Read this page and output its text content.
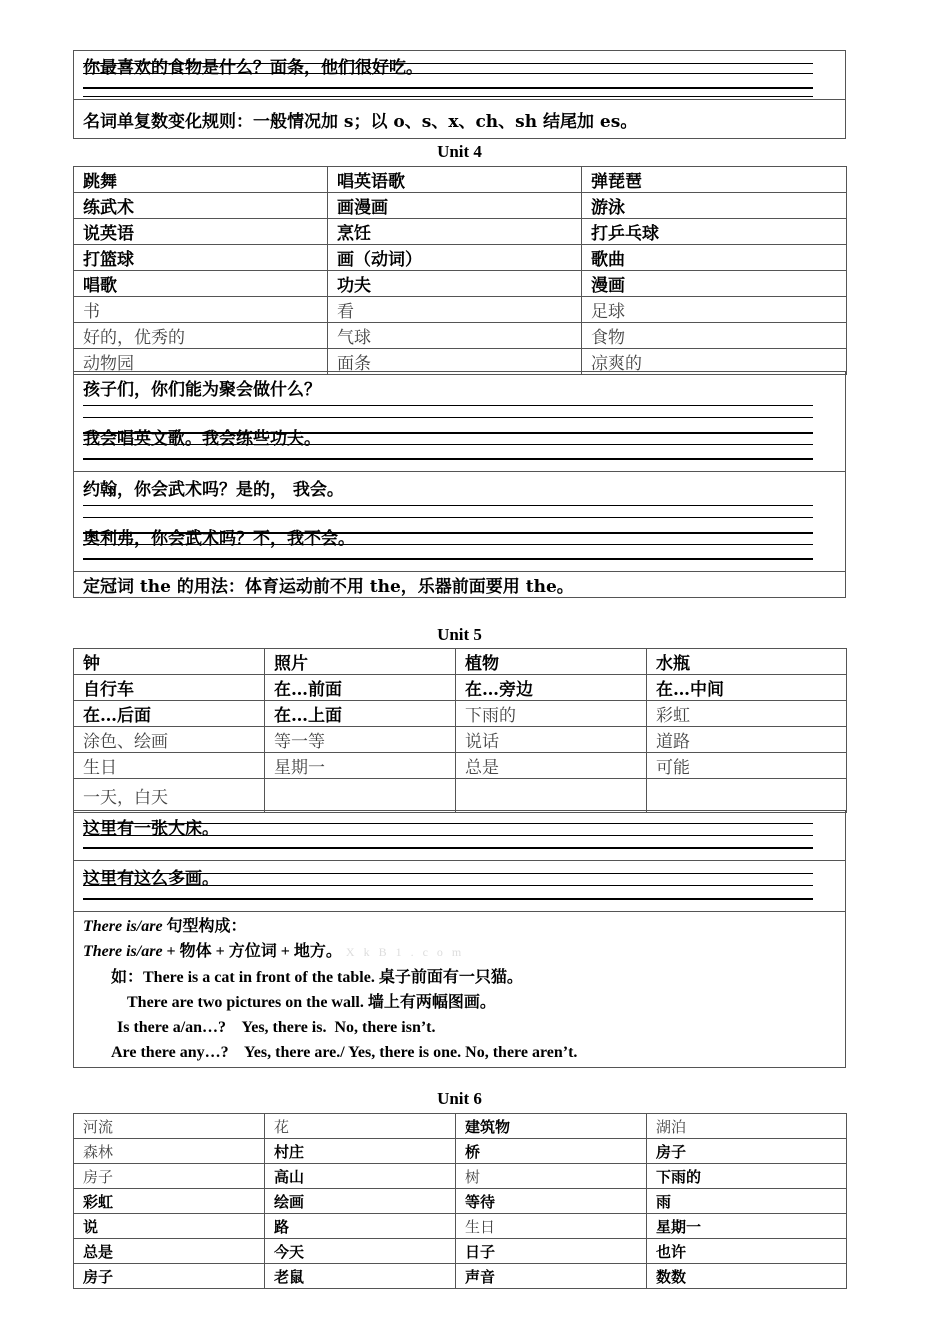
你最喜欢的食物是什么？面条，他们很好吃。

名词单复数变化规则：一般情况加 s；以 o、s、x、ch、sh 结尾加 es。
Unit 4
跳舞	唱英语歌	弹琵琶
练武术	画漫画	游泳
说英语	烹饪	打乒乓球
打篮球	画（动词）	歌曲
唱歌	功夫	漫画
书	看	足球
好的，优秀的	气球	食物
动物园	面条	凉爽的
孩子们，你们能为聚会做什么？
我会唱英文歌。我会练些功夫。

约翰，你会武术吗？是的， 我会。
奥利弗，你会武术吗？不，我不会。

定冠词 the 的用法：体育运动前不用 the，乐器前面要用 the。
Unit 5
钟	照片	植物	水瓶
自行车	在…前面	在…旁边	在…中间
在…后面	在…上面	下雨的	彩虹
涂色、绘画	等一等	说话	道路
生日	星期一	总是	可能
一天，白天			
这里有一张大床。

这里有这么多画。

There is/are 句型构成：
There is/are + 物体 + 方位词 + 地方。 X k B 1 . c o m
如：There is a cat in front of the table. 桌子前面有一只猫。
There are two pictures on the wall. 墙上有两幅图画。
Is there a/an…?    Yes, there is.  No, there isn’t.
Are there any…?    Yes, there are./ Yes, there is one. No, there aren’t.
Unit 6
河流	花	建筑物	湖泊
森林	村庄	桥	房子
房子	高山	树	下雨的
彩虹	绘画	等待	雨
说	路	生日	星期一
总是	今天	日子	也许
房子	老鼠	声音	数数
